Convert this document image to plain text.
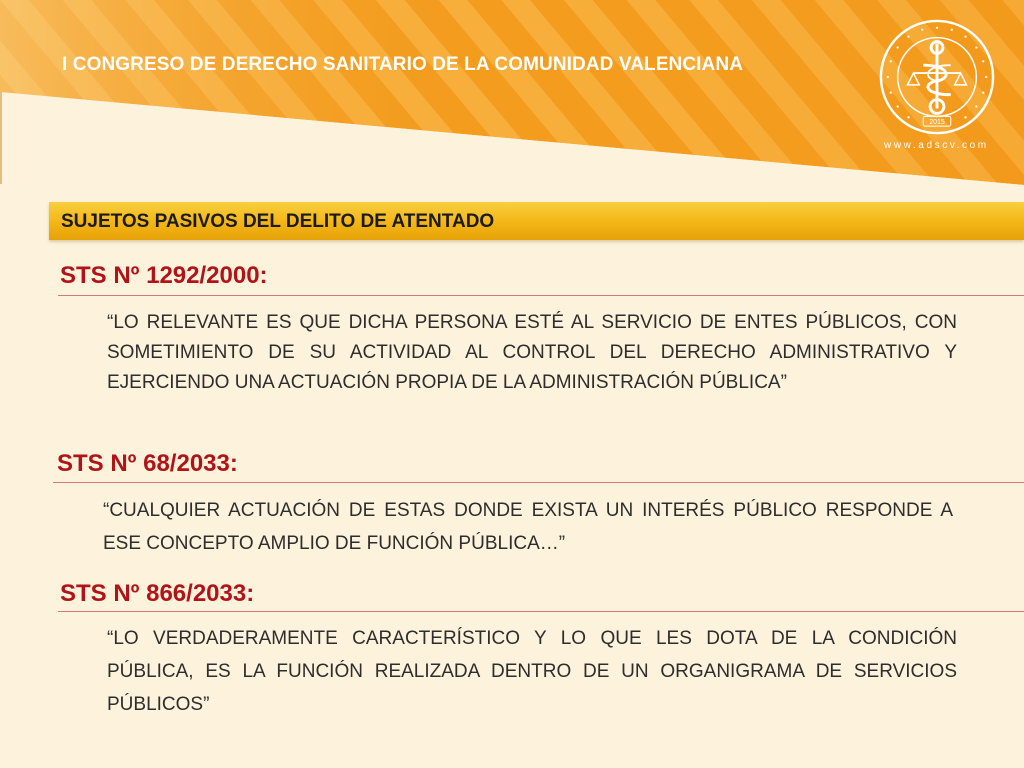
I CONGRESO DE DERECHO SANITARIO DE LA COMUNIDAD VALENCIANA
2015
www.adscv.com
SUJETOS PASIVOS DEL DELITO DE ATENTADO
STS Nº 1292/2000:
“LO RELEVANTE ES QUE DICHA PERSONA ESTÉ AL SERVICIO DE ENTES PÚBLICOS, CON SOMETIMIENTO DE SU ACTIVIDAD AL CONTROL DEL DERECHO ADMINISTRATIVO Y EJERCIENDO UNA ACTUACIÓN PROPIA DE LA ADMINISTRACIÓN PÚBLICA”
STS Nº 68/2033:
“CUALQUIER ACTUACIÓN DE ESTAS DONDE EXISTA UN INTERÉS PÚBLICO RESPONDE A ESE CONCEPTO AMPLIO DE FUNCIÓN PÚBLICA…”
STS Nº 866/2033:
“LO VERDADERAMENTE CARACTERÍSTICO Y LO QUE LES DOTA DE LA CONDICIÓN PÚBLICA, ES LA FUNCIÓN REALIZADA DENTRO DE UN ORGANIGRAMA DE SERVICIOS PÚBLICOS”
